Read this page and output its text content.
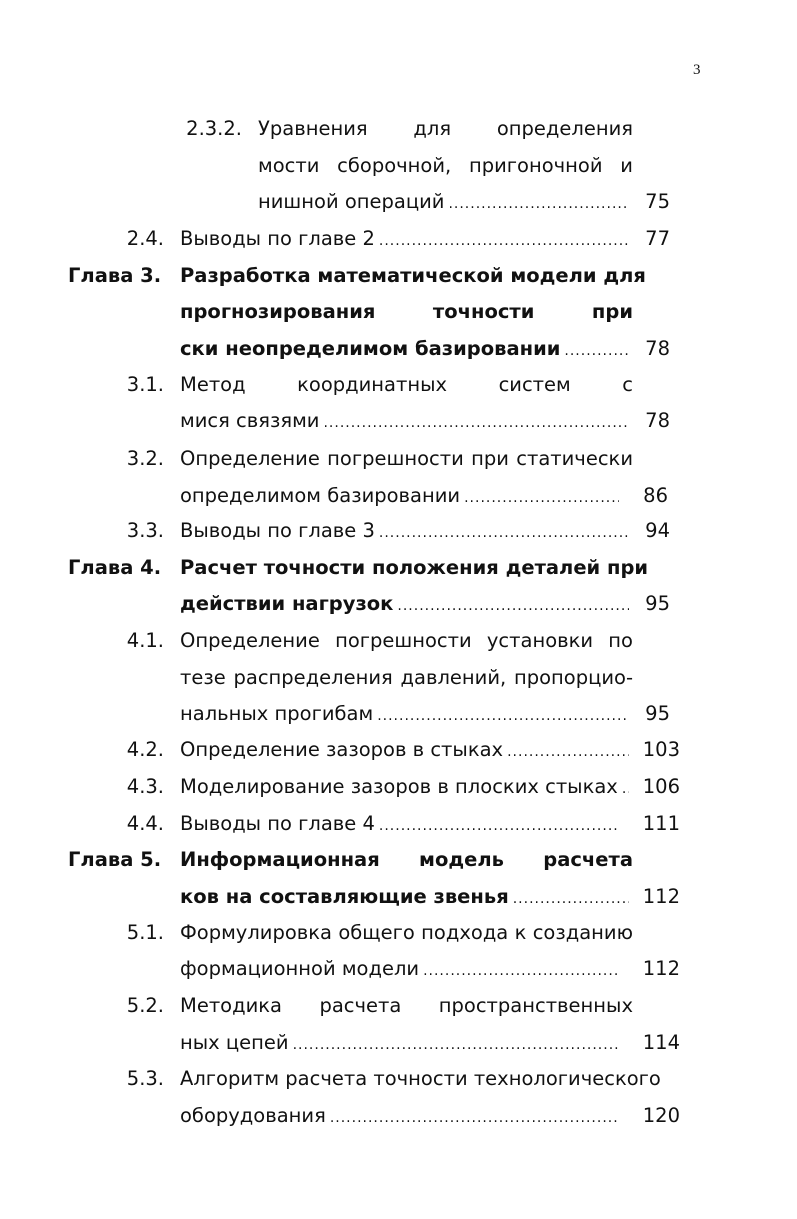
3
2.3.2. Уравнения для определения
мости сборочной, пригоночной и
нишной операций .....	75
2.4. Выводы по главе 2 .....	77
Глава 3. Разработка математической модели для
прогнозирования точности при
ски неопределимом базировании .....	78
3.1. Метод координатных систем с
мися связями .....	78
3.2. Определение погрешности при статически
определимом базировании .....	86
3.3. Выводы по главе 3 .....	94
Глава 4. Расчет точности положения деталей при
действии нагрузок .....	95
4.1. Определение погрешности установки по
тезе распределения давлений, пропорцио-
нальных прогибам .....	95
4.2. Определение зазоров в стыках .....	103
4.3. Моделирование зазоров в плоских стыках .....	106
4.4. Выводы по главе 4 .....	111
Глава 5. Информационная модель расчета
ков на составляющие звенья .....	112
5.1. Формулировка общего подхода к созданию
формационной модели .....	112
5.2. Методика расчета пространственных
ных цепей .....	114
5.3. Алгоритм расчета точности технологического
оборудования .....	120
